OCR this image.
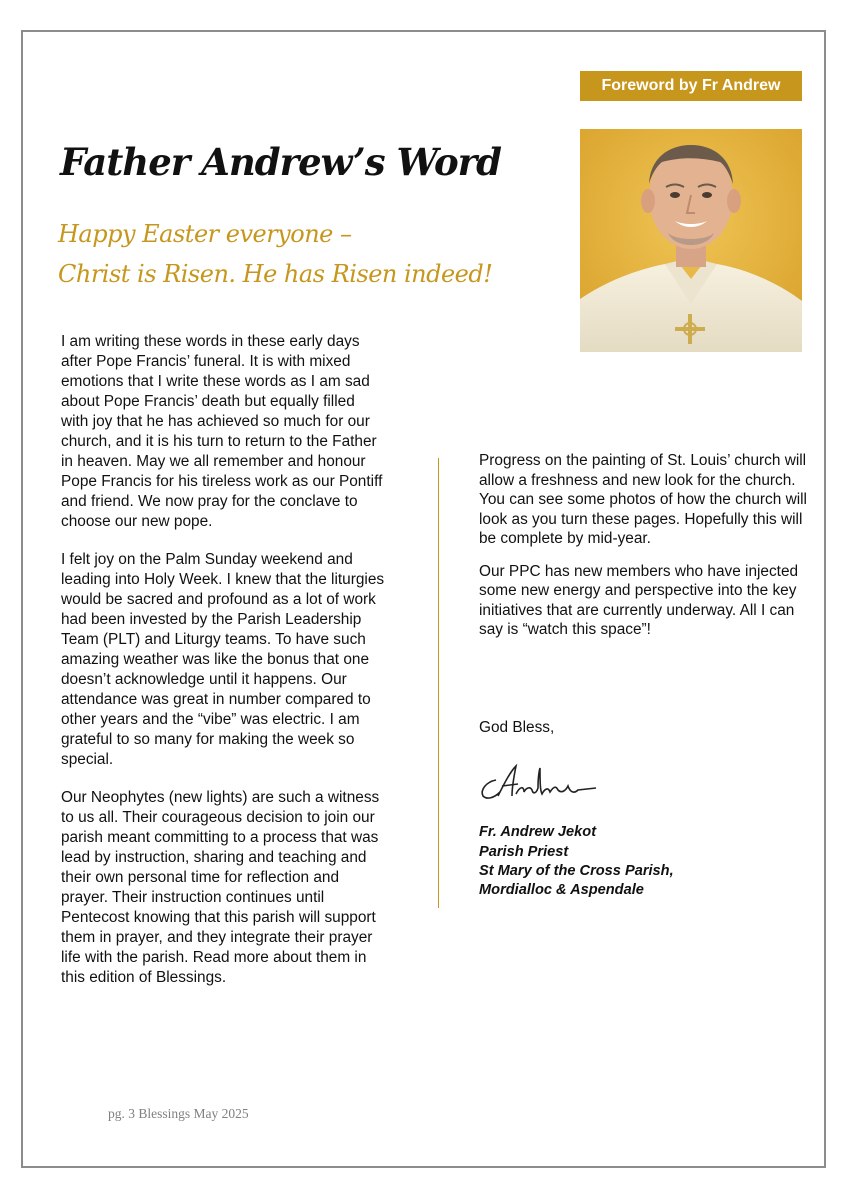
Foreword by Fr Andrew
Father Andrew’s Word
Happy Easter everyone –
Christ is Risen. He has Risen indeed!

I am writing these words in these early days after Pope Francis’ funeral. It is with mixed emotions that I write these words as I am sad about Pope Francis’ death but equally filled with joy that he has achieved so much for our church, and it is his turn to return to the Father in heaven. May we all remember and honour Pope Francis for his tireless work as our Pontiff and friend. We now pray for the conclave to choose our new pope.

I felt joy on the Palm Sunday weekend and leading into Holy Week. I knew that the liturgies would be sacred and profound as a lot of work had been invested by the Parish Leadership Team (PLT) and Liturgy teams. To have such amazing weather was like the bonus that one doesn’t acknowledge until it happens. Our attendance was great in number compared to other years and the “vibe” was electric. I am grateful to so many for making the week so special.

Our Neophytes (new lights) are such a witness to us all. Their courageous decision to join our parish meant committing to a process that was lead by instruction, sharing and teaching and their own personal time for reflection and prayer. Their instruction continues until Pentecost knowing that this parish will support them in prayer, and they integrate their prayer life with the parish. Read more about them in this edition of Blessings.

Progress on the painting of St. Louis’ church will allow a freshness and new look for the church. You can see some photos of how the church will look as you turn these pages. Hopefully this will be complete by mid-year.

Our PPC has new members who have injected some new energy and perspective into the key initiatives that are currently underway. All I can say is “watch this space”!

God Bless,
Fr. Andrew Jekot
Parish Priest
St Mary of the Cross Parish,
Mordialloc & Aspendale
pg. 3 Blessings May 2025
